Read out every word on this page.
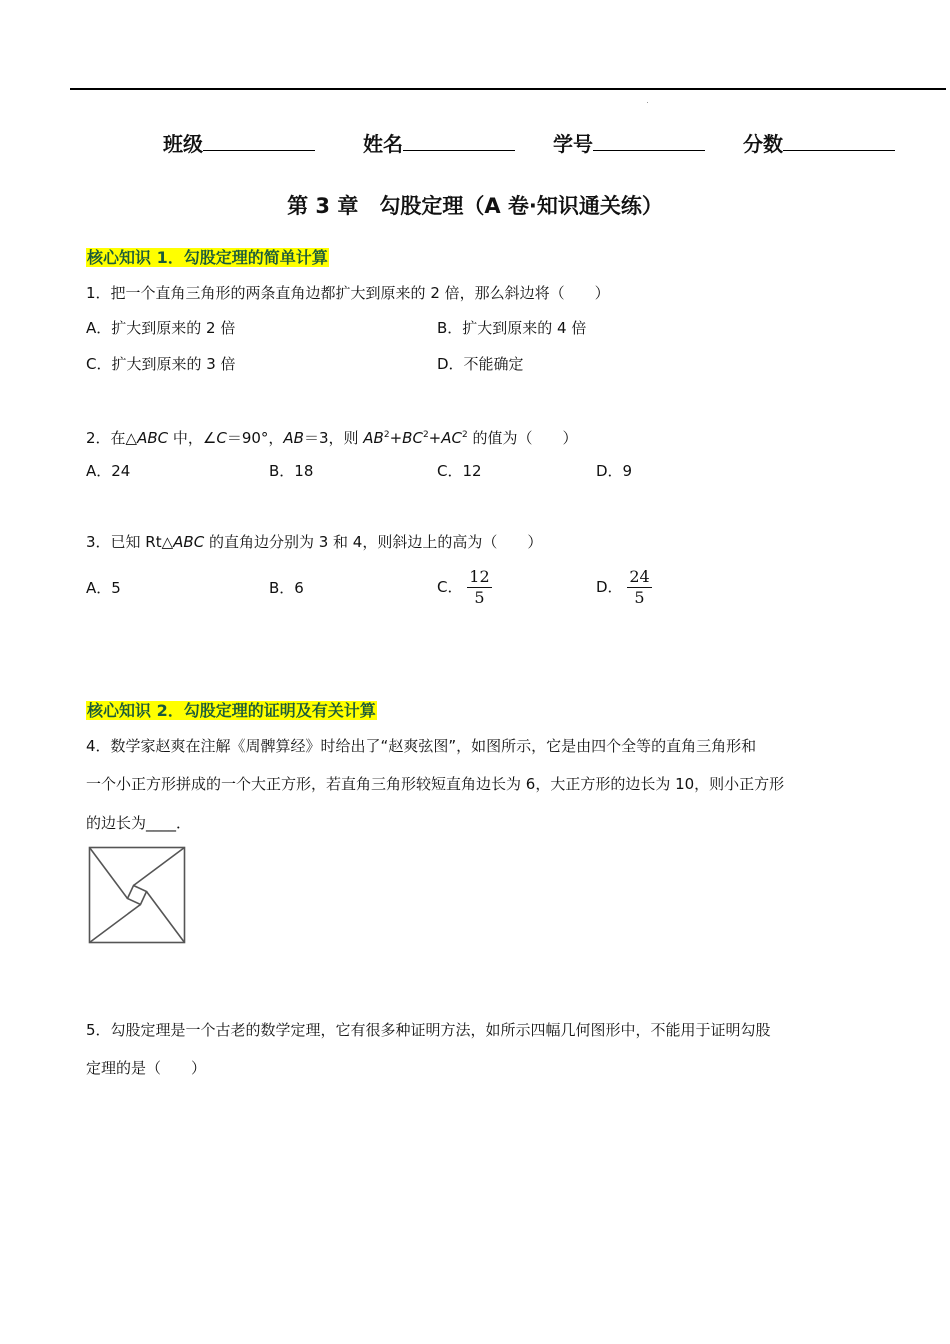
班级	姓名	学号	分数
第 3 章　勾股定理（A 卷·知识通关练）
核心知识 1．勾股定理的简单计算
1．把一个直角三角形的两条直角边都扩大到原来的 2 倍，那么斜边将（　　）
A．扩大到原来的 2 倍	B．扩大到原来的 4 倍
C．扩大到原来的 3 倍	D．不能确定
2．在△ABC 中，∠C＝90°，AB＝3，则 $AB^2+BC^2+AC^2$ 的值为（　　）
A．24	B．18	C．12	D．9
3．已知 Rt△ABC 的直角边分别为 3 和 4，则斜边上的高为（　　）
A．5	B．6	C． $\frac{12}{5}$	D． $\frac{24}{5}$
核心知识 2．勾股定理的证明及有关计算
4．数学家赵爽在注解《周髀算经》时给出了“赵爽弦图”，如图所示，它是由四个全等的直角三角形和
一个小正方形拼成的一个大正方形，若直角三角形较短直角边长为 6，大正方形的边长为 10，则小正方形
的边长为____．
5．勾股定理是一个古老的数学定理，它有很多种证明方法，如所示四幅几何图形中，不能用于证明勾股
定理的是（　　）
